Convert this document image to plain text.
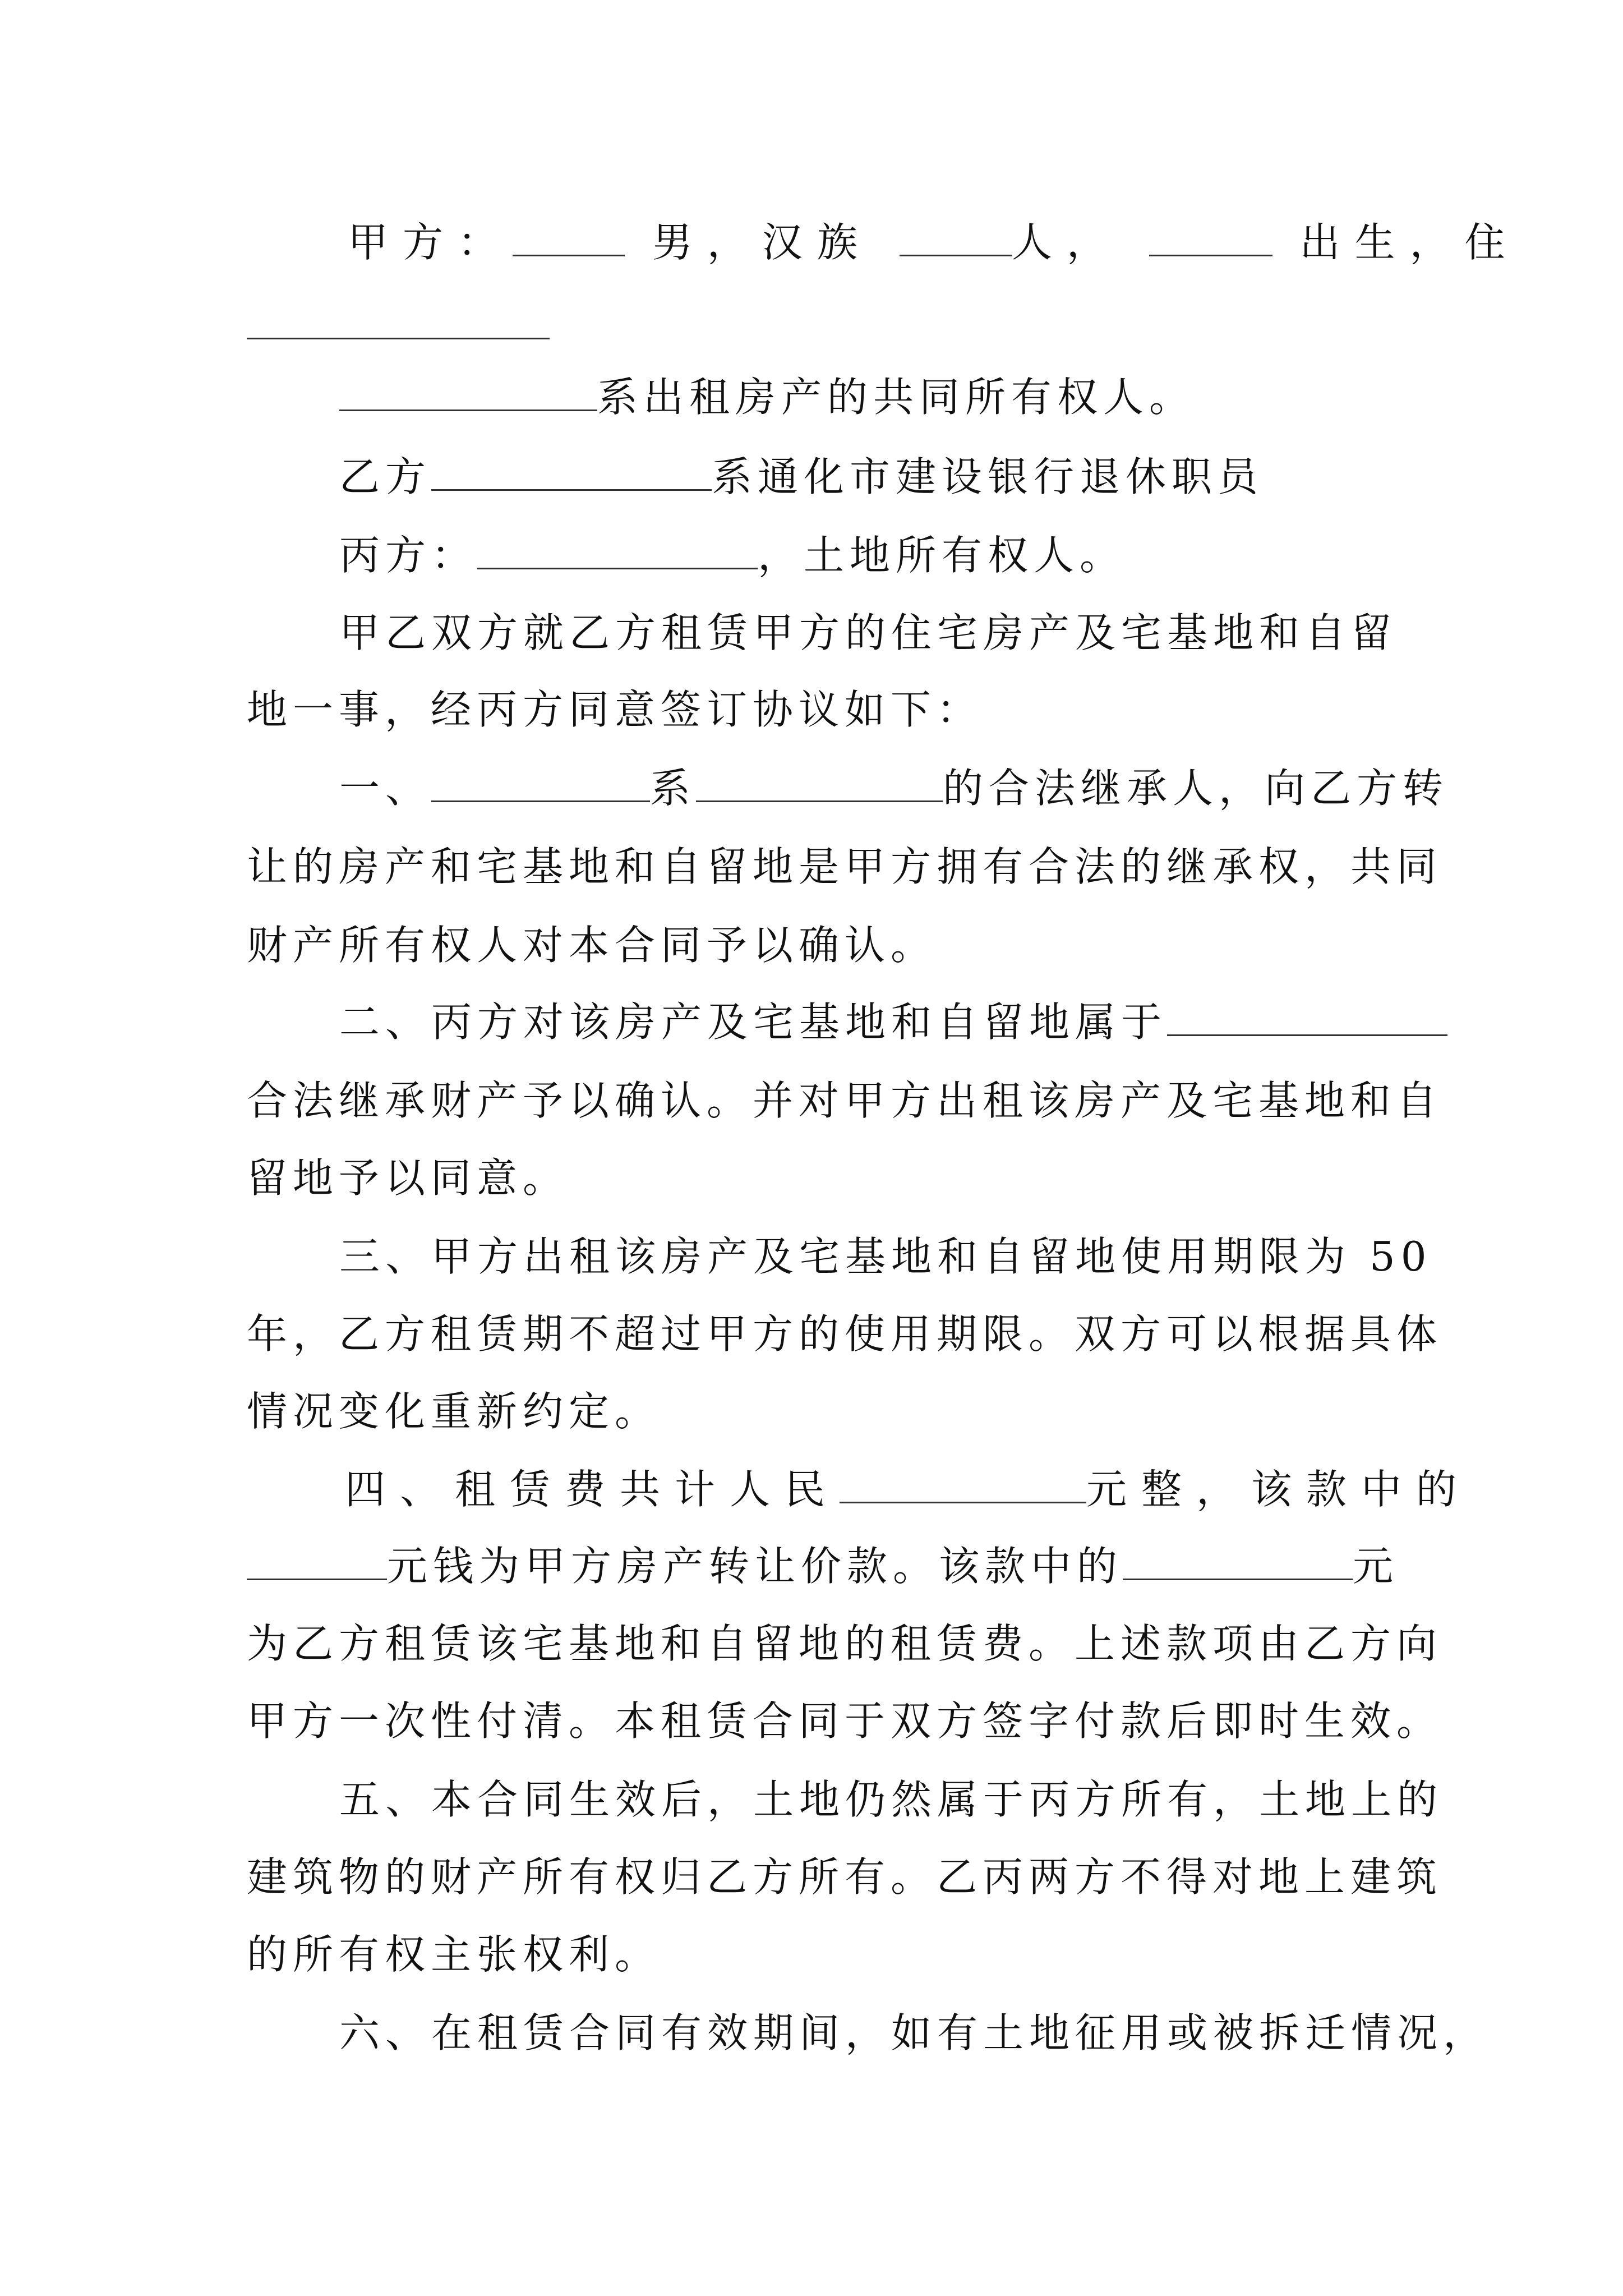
甲方：	男，汉族	人，	出生，住
系出租房产的共同所有权人。
乙方	系通化市建设银行退休职员
丙方：	，土地所有权人。
甲乙双方就乙方租赁甲方的住宅房产及宅基地和自留
地一事，经丙方同意签订协议如下：
一、	系	的合法继承人，向乙方转
让的房产和宅基地和自留地是甲方拥有合法的继承权，共同
财产所有权人对本合同予以确认。
二、丙方对该房产及宅基地和自留地属于
合法继承财产予以确认。并对甲方出租该房产及宅基地和自
留地予以同意。
三、甲方出租该房产及宅基地和自留地使用期限为 50
年，乙方租赁期不超过甲方的使用期限。双方可以根据具体
情况变化重新约定。
四、租赁费共计人民	元整，该款中的
元钱为甲方房产转让价款。该款中的	元
为乙方租赁该宅基地和自留地的租赁费。上述款项由乙方向
甲方一次性付清。本租赁合同于双方签字付款后即时生效。
五、本合同生效后，土地仍然属于丙方所有，土地上的
建筑物的财产所有权归乙方所有。乙丙两方不得对地上建筑
的所有权主张权利。
六、在租赁合同有效期间，如有土地征用或被拆迁情况，
